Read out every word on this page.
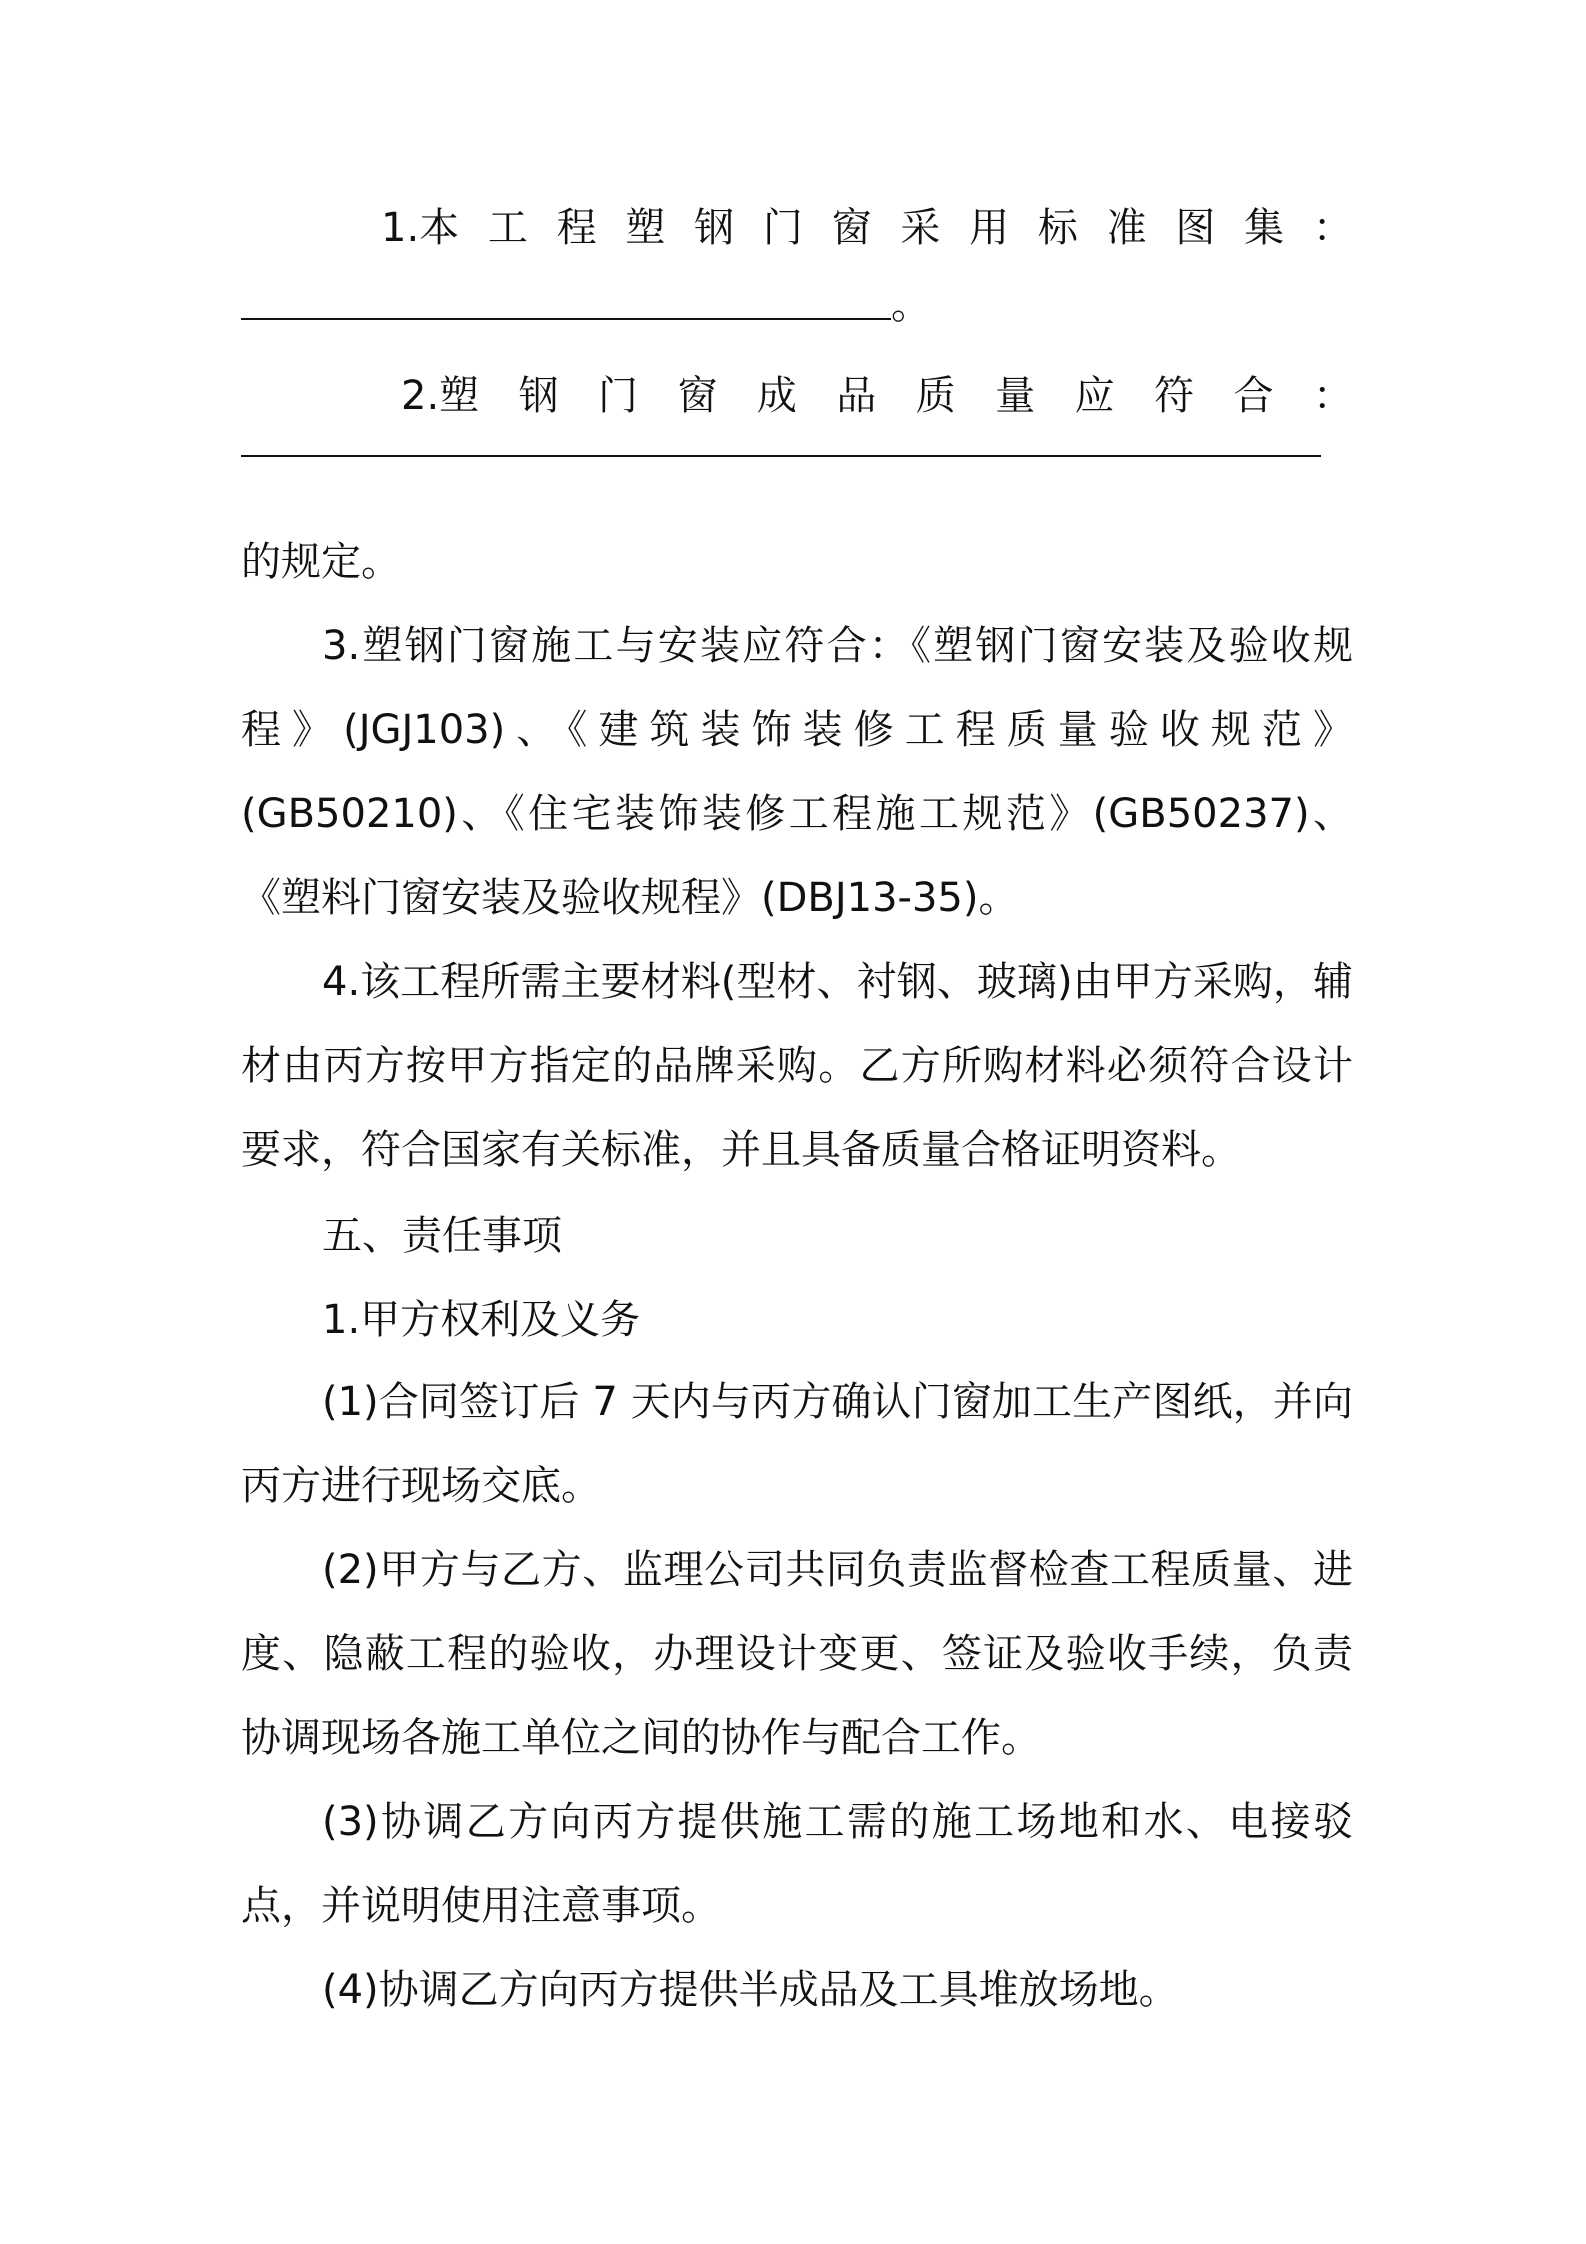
1.本 工 程 塑 钢 门 窗 采 用 标 准 图 集 ：
。
2.塑 钢 门 窗 成 品 质 量 应 符 合 ：

的规定。

3.塑钢门窗施工与安装应符合：《塑钢门窗安装及验收规程》(JGJ103)、《建筑装饰装修工程质量验收规范》(GB50210)、《住宅装饰装修工程施工规范》(GB50237)、《塑料门窗安装及验收规程》(DBJ13-35)。

4.该工程所需主要材料(型材、衬钢、玻璃)由甲方采购，辅材由丙方按甲方指定的品牌采购。乙方所购材料必须符合设计要求，符合国家有关标准，并且具备质量合格证明资料。

五、责任事项

1.甲方权利及义务

(1)合同签订后 7 天内与丙方确认门窗加工生产图纸，并向丙方进行现场交底。

(2)甲方与乙方、监理公司共同负责监督检查工程质量、进度、隐蔽工程的验收，办理设计变更、签证及验收手续，负责协调现场各施工单位之间的协作与配合工作。

(3)协调乙方向丙方提供施工需的施工场地和水、电接驳点，并说明使用注意事项。

(4)协调乙方向丙方提供半成品及工具堆放场地。
